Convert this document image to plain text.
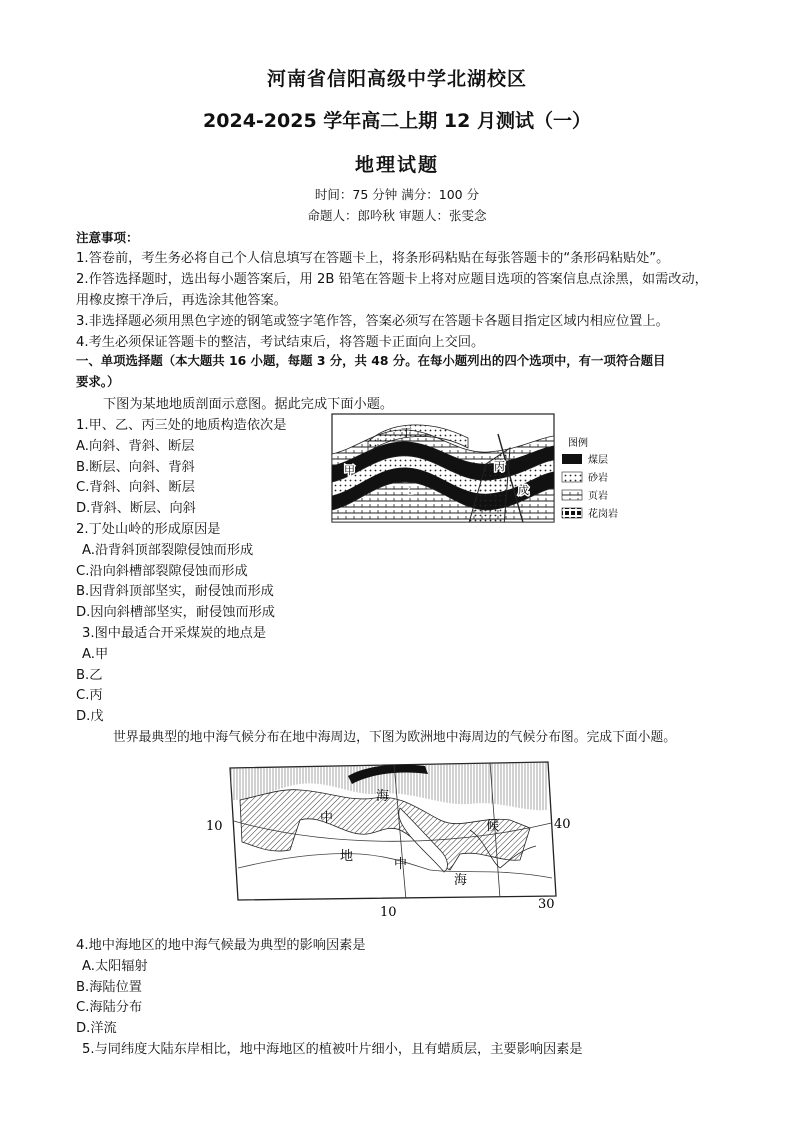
河南省信阳高级中学北湖校区
2024-2025 学年高二上期 12 月测试（一）
地理试题
时间：75 分钟 满分：100 分
命题人：郎吟秋 审题人：张雯念
注意事项：
1.答卷前，考生务必将自己个人信息填写在答题卡上，将条形码粘贴在每张答题卡的“条形码粘贴处”。
2.作答选择题时，选出每小题答案后，用 2B 铅笔在答题卡上将对应题目选项的答案信息点涂黑，如需改动，
用橡皮擦干净后，再选涂其他答案。
3.非选择题必须用黑色字迹的钢笔或签字笔作答，答案必须写在答题卡各题目指定区域内相应位置上。
4.考生必须保证答题卡的整洁，考试结束后，将答题卡正面向上交回。
一、单项选择题（本大题共 16 小题，每题 3 分，共 48 分。在每小题列出的四个选项中，有一项符合题目
要求。）
下图为某地地质剖面示意图。据此完成下面小题。
1.甲、乙、丙三处的地质构造依次是
A.向斜、背斜、断层
B.断层、向斜、背斜
C.背斜、向斜、断层
D.背斜、断层、向斜
2.丁处山岭的形成原因是
A.沿背斜顶部裂隙侵蚀而形成
C.沿向斜槽部裂隙侵蚀而形成
B.因背斜顶部坚实，耐侵蚀而形成
D.因向斜槽部坚实，耐侵蚀而形成
3.图中最适合开采煤炭的地点是
A.甲
B.乙
C.丙
D.戊
丁
甲
乙
丙
戊
图例
煤层
砂岩
页岩
花岗岩
世界最典型的地中海气候分布在地中海周边，下图为欧洲地中海周边的气候分布图。完成下面小题。
海
中
地
中
海
候
10	40
10
30
4.地中海地区的地中海气候最为典型的影响因素是
A.太阳辐射
B.海陆位置
C.海陆分布
D.洋流
5.与同纬度大陆东岸相比，地中海地区的植被叶片细小，且有蜡质层，主要影响因素是
